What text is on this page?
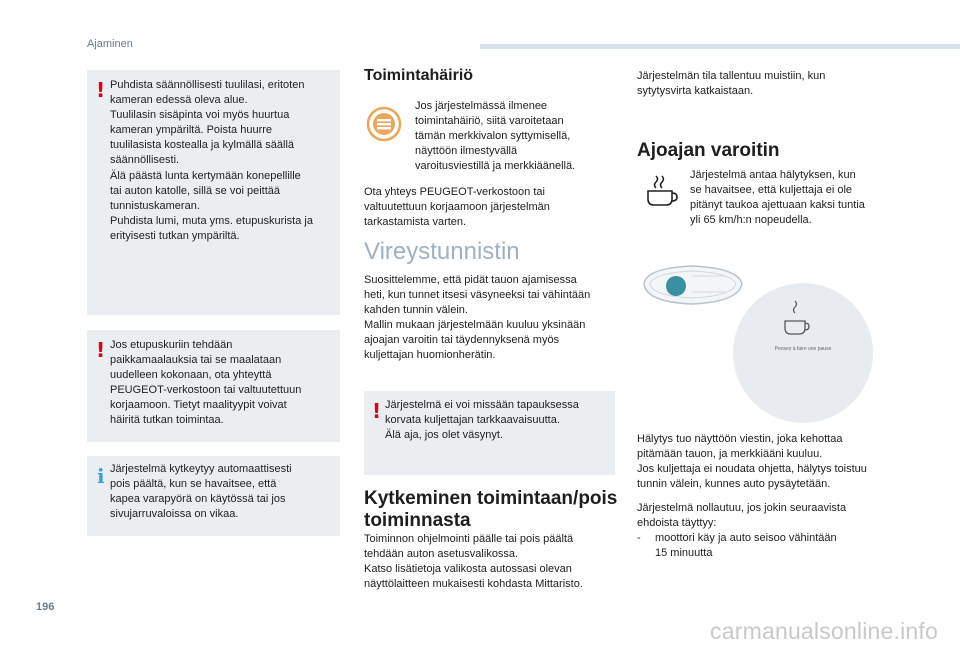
Ajaminen
! Puhdista säännöllisesti tuulilasi, eritoten

kameran edessä oleva alue.

Tuulilasin sisäpinta voi myös huurtua

kameran ympäriltä. Poista huurre

tuulilasista kostealla ja kylmällä säällä

säännöllisesti.

Älä päästä lunta kertymään konepellille

tai auton katolle, sillä se voi peittää

tunnistuskameran.

Puhdista lumi, muta yms. etupuskurista ja

erityisesti tutkan ympäriltä.

! Jos etupuskuriin tehdään

paikkamaalauksia tai se maalataan

uudelleen kokonaan, ota yhteyttä

PEUGEOT-verkostoon tai valtuutettuun

korjaamoon. Tietyt maalityypit voivat

häiritä tutkan toimintaa.

i Järjestelmä kytkeytyy automaattisesti

pois päältä, kun se havaitsee, että

kapea varapyörä on käytössä tai jos

sivujarruvaloissa on vikaa.

Toimintahäiriö

Jos järjestelmässä ilmenee

toimintahäiriö, siitä varoitetaan

tämän merkkivalon syttymisellä,

näyttöön ilmestyvällä

varoitusviestillä ja merkkiäänellä.

Ota yhteys PEUGEOT-verkostoon tai

valtuutettuun korjaamoon järjestelmän

tarkastamista varten.

Vireystunnistin

Suosittelemme, että pidät tauon ajamisessa

heti, kun tunnet itsesi väsyneeksi tai vähintään

kahden tunnin välein.

Mallin mukaan järjestelmään kuuluu yksinään

ajoajan varoitin tai täydennyksenä myös

kuljettajan huomionherätin.

! Järjestelmä ei voi missään tapauksessa

korvata kuljettajan tarkkaavaisuutta.

Älä aja, jos olet väsynyt.

Kytkeminen toimintaan/pois
toiminnasta

Toiminnon ohjelmointi päälle tai pois päältä

tehdään auton asetusvalikossa.

Katso lisätietoja valikosta autossasi olevan

näyttölaitteen mukaisesti kohdasta Mittaristo.

Järjestelmän tila tallentuu muistiin, kun

sytytysvirta katkaistaan.

Ajoajan varoitin

Järjestelmä antaa hälytyksen, kun

se havaitsee, että kuljettaja ei ole

pitänyt taukoa ajettuaan kaksi tuntia

yli 65 km/h:n nopeudella.

Pensez à faire une pause

Hälytys tuo näyttöön viestin, joka kehottaa

pitämään tauon, ja merkkiääni kuuluu.

Jos kuljettaja ei noudata ohjetta, hälytys toistuu

tunnin välein, kunnes auto pysäytetään.

Järjestelmä nollautuu, jos jokin seuraavista

ehdoista täyttyy:

- moottori käy ja auto seisoo vähintään

15 minuutta

196
carmanualsonline.info
